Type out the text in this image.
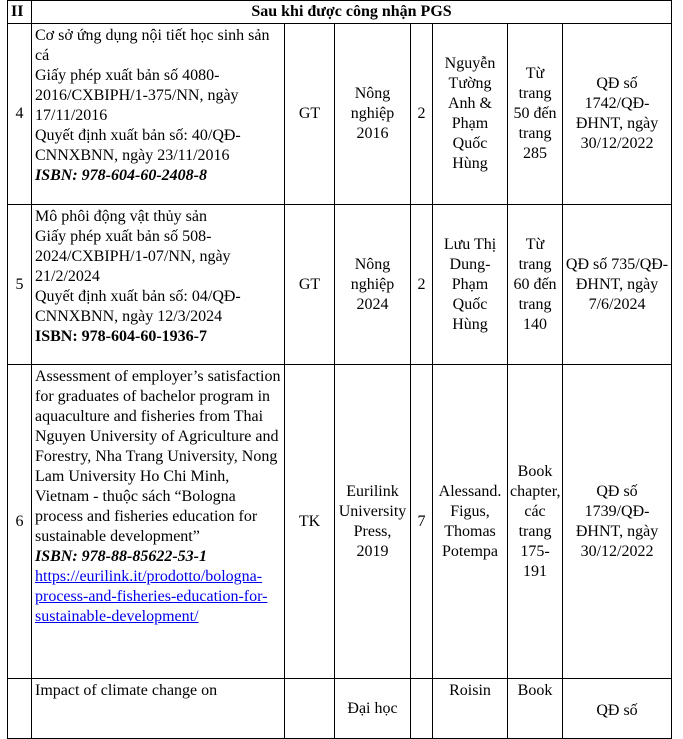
II	Sau khi được công nhận PGS						
4	Cơ sở ứng dụng nội tiết học sinh sản cá
Giấy phép xuất bản số 4080-2016/CXBIPH/1-375/NN, ngày 17/11/2016
Quyết định xuất bản số: 40/QĐ-CNNXBNN, ngày 23/11/2016
ISBN: 978-604-60-2408-8	GT	Nông nghiệp 2016	2	Nguyễn Tường Anh & Phạm Quốc Hùng	Từ trang 50 đến trang 285	QĐ số 1742/QĐ-ĐHNT, ngày 30/12/2022
5	Mô phôi động vật thủy sản
Giấy phép xuất bản số 508-2024/CXBIPH/1-07/NN, ngày 21/2/2024
Quyết định xuất bản số: 04/QĐ-CNNXBNN, ngày 12/3/2024
ISBN: 978-604-60-1936-7	GT	Nông nghiệp 2024	2	Lưu Thị Dung-Phạm Quốc Hùng	Từ trang 60 đến trang 140	QĐ số 735/QĐ-ĐHNT, ngày 7/6/2024
6	Assessment of employer’s satisfaction for graduates of bachelor program in aquaculture and fisheries from Thai Nguyen University of Agriculture and Forestry, Nha Trang University, Nong Lam University Ho Chi Minh, Vietnam - thuộc sách “Bologna process and fisheries education for sustainable development”
ISBN: 978-88-85622-53-1
https://eurilink.it/prodotto/bologna-process-and-fisheries-education-for-sustainable-development/	TK	Eurilink University Press, 2019	7	Alessand. Figus, Thomas Potempa	Book chapter, các trang 175-191	QĐ số 1739/QĐ-ĐHNT, ngày 30/12/2022

	Impact of climate change on		Đại học		Roisin	Book	QĐ số
